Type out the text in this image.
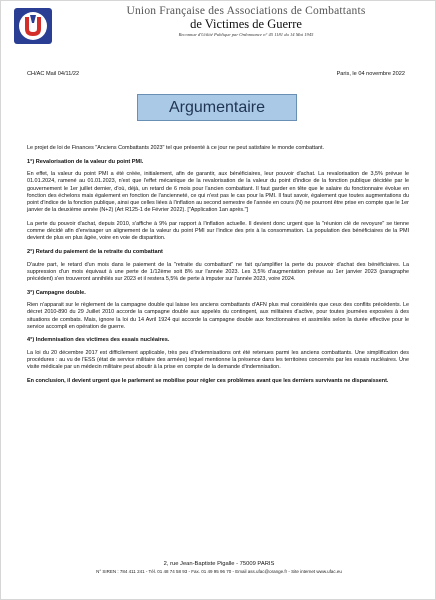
Union Française des Associations de Combattants
de Victimes de Guerre
Reconnue d'Utilité Publique par Ordonnance n° 45 1181 du 14 Mai 1945
CH/AC Mail 04/11/22	Paris, le 04 novembre 2022
Argumentaire

Le projet de loi de Finances "Anciens Combattants 2023" tel que présenté à ce jour ne peut satisfaire le monde combattant.

1°) Revalorisation de la valeur du point PMI.

En effet, la valeur du point PMI a été créée, initialement, afin de garantir, aux bénéficiaires, leur pouvoir d'achat. La revalorisation de 3,5% prévue le 01.01.2024, ramené au 01.01.2023, n'est que l'effet mécanique de la revalorisation de la valeur du point d'indice de la fonction publique décidée par le gouvernement le 1er juillet dernier, d'où, déjà, un retard de 6 mois pour l'ancien combattant. Il faut garder en tête que le salaire du fonctionnaire évolue en fonction des échelons mais également en fonction de l'ancienneté, ce qui n'est pas le cas pour la PMI. Il faut savoir, également que toutes augmentations du point d'indice de la fonction publique, ainsi que celles liées à l'inflation au second semestre de l'année en cours (N) ne pourront être prise en compte que le 1er janvier de la deuxième année (N+2) (Art R125-1 de Février 2022). ["Application 1an après."]

La perte du pouvoir d'achat, depuis 2010, s'affiche à 9% par rapport à l'inflation actuelle. Il devient donc urgent que la "réunion clé de revoyure" se tienne comme décidé afin d'envisager un alignement de la valeur du point PMI sur l'indice des prix à la consommation. La population des bénéficiaires de la PMI devient de plus en plus âgée, voire en voie de disparition.

2°) Retard du paiement de la retraite du combattant

D'autre part, le retard d'un mois dans le paiement de la "retraite du combattant" ne fait qu'amplifier la perte du pouvoir d'achat des bénéficiaires. La suppression d'un mois équivaut à une perte de 1/12ème soit 8% sur l'année 2023. Les 3,5% d'augmentation prévue au 1er janvier 2023 (paragraphe précédent) s'en trouveront annihilés sur 2023 et il restera 5,5% de perte à imputer sur l'année 2023, voire 2024.

3°) Campagne double.

Rien n'apparait sur le règlement de la campagne double qui laisse les anciens combattants d'AFN plus mal considérés que ceux des conflits précédents. Le décret 2010-890 du 29 Juillet 2010 accorde la campagne double aux appelés du contingent, aux militaires d'active, pour toutes journées exposées à des situations de combats. Mais, ignore la loi du 14 Avril 1924 qui accorde la campagne double aux fonctionnaires et assimilés selon la durée effective pour le service accompli en opération de guerre.

4°) Indemnisation des victimes des essais nucléaires.

La loi du 20 décembre 2017 est difficilement applicable, très peu d'indemnisations ont été retenues parmi les anciens combattants. Une simplification des procédures : au vu de l'ESS (état de service militaire des armées) lequel mentionne la présence dans les territoires concernés par les essais nucléaires. Une visite médicale par un médecin militaire peut aboutir à la prise en compte de la demande d'indemnisation.

En conclusion, il devient urgent que le parlement se mobilise pour régler ces problèmes avant que les derniers survivants ne disparaissent.

2, rue Jean-Baptiste Pigalle - 75009 PARIS
N° SIREN : 784 411 241 - Tél. 01 48 74 58 93 - Fax. 01 49 95 96 70 - Email ass.ufac@orange.fr - Site internet www.ufac.eu
